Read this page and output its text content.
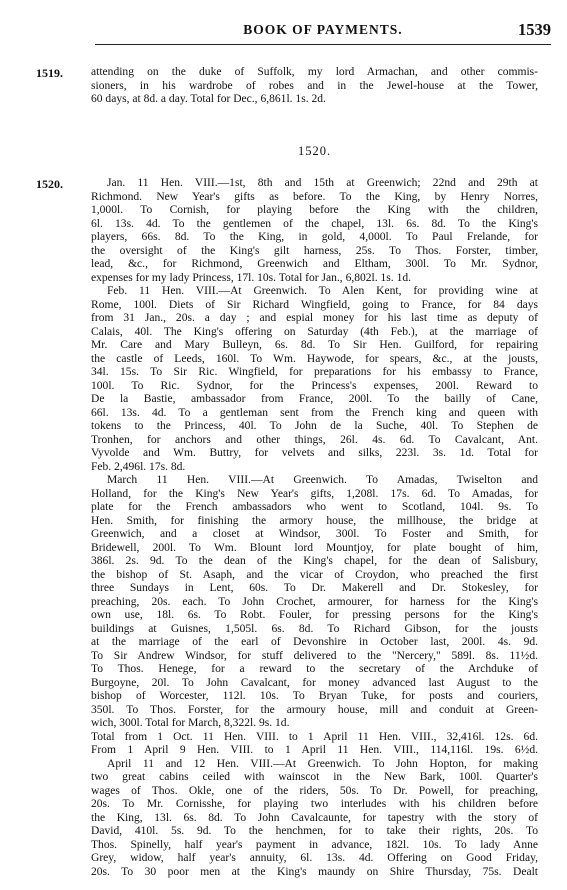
BOOK OF PAYMENTS.	1539
1519.
1520.
attending on the duke of Suffolk, my lord Armachan, and other commis-
sioners, in his wardrobe of robes and in the Jewel-house at the Tower,
60 days, at 8d. a day. Total for Dec., 6,861l. 1s. 2d.
1520.
Jan. 11 Hen. VIII.—1st, 8th and 15th at Greenwich; 22nd and 29th at
Richmond. New Year's gifts as before. To the King, by Henry Norres,
1,000l. To Cornish, for playing before the King with the children,
6l. 13s. 4d. To the gentlemen of the chapel, 13l. 6s. 8d. To the King's
players, 66s. 8d. To the King, in gold, 4,000l. To Paul Frelande, for
the oversight of the King's gilt harness, 25s. To Thos. Forster, timber,
lead, &c., for Richmond, Greenwich and Eltham, 300l. To Mr. Sydnor,
expenses for my lady Princess, 17l. 10s. Total for Jan., 6,802l. 1s. 1d.
Feb. 11 Hen. VIII.—At Greenwich. To Alen Kent, for providing wine at
Rome, 100l. Diets of Sir Richard Wingfield, going to France, for 84 days
from 31 Jan., 20s. a day ; and espial money for his last time as deputy of
Calais, 40l. The King's offering on Saturday (4th Feb.), at the marriage of
Mr. Care and Mary Bulleyn, 6s. 8d. To Sir Hen. Guilford, for repairing
the castle of Leeds, 160l. To Wm. Haywode, for spears, &c., at the jousts,
34l. 15s. To Sir Ric. Wingfield, for preparations for his embassy to France,
100l. To Ric. Sydnor, for the Princess's expenses, 200l. Reward to
De la Bastie, ambassador from France, 200l. To the bailly of Cane,
66l. 13s. 4d. To a gentleman sent from the French king and queen with
tokens to the Princess, 40l. To John de la Suche, 40l. To Stephen de
Tronhen, for anchors and other things, 26l. 4s. 6d. To Cavalcant, Ant.
Vyvolde and Wm. Buttry, for velvets and silks, 223l. 3s. 1d. Total for
Feb. 2,496l. 17s. 8d.
March 11 Hen. VIII.—At Greenwich. To Amadas, Twiselton and
Holland, for the King's New Year's gifts, 1,208l. 17s. 6d. To Amadas, for
plate for the French ambassadors who went to Scotland, 104l. 9s. To
Hen. Smith, for finishing the armory house, the millhouse, the bridge at
Greenwich, and a closet at Windsor, 300l. To Foster and Smith, for
Bridewell, 200l. To Wm. Blount lord Mountjoy, for plate bought of him,
386l. 2s. 9d. To the dean of the King's chapel, for the dean of Salisbury,
the bishop of St. Asaph, and the vicar of Croydon, who preached the first
three Sundays in Lent, 60s. To Dr. Makerell and Dr. Stokesley, for
preaching, 20s. each. To John Crochet, armourer, for harness for the King's
own use, 18l. 6s. To Robt. Fouler, for pressing persons for the King's
buildings at Guisnes, 1,505l. 6s. 8d. To Richard Gibson, for the jousts
at the marriage of the earl of Devonshire in October last, 200l. 4s. 9d.
To Sir Andrew Windsor, for stuff delivered to the "Nercery," 589l. 8s. 11½d.
To Thos. Henege, for a reward to the secretary of the Archduke of
Burgoyne, 20l. To John Cavalcant, for money advanced last August to the
bishop of Worcester, 112l. 10s. To Bryan Tuke, for posts and couriers,
350l. To Thos. Forster, for the armoury house, mill and conduit at Green-
wich, 300l. Total for March, 8,322l. 9s. 1d.
Total from 1 Oct. 11 Hen. VIII. to 1 April 11 Hen. VIII., 32,416l. 12s. 6d.
From 1 April 9 Hen. VIII. to 1 April 11 Hen. VIII., 114,116l. 19s. 6½d.
April 11 and 12 Hen. VIII.—At Greenwich. To John Hopton, for making
two great cabins ceiled with wainscot in the New Bark, 100l. Quarter's
wages of Thos. Okle, one of the riders, 50s. To Dr. Powell, for preaching,
20s. To Mr. Cornisshe, for playing two interludes with his children before
the King, 13l. 6s. 8d. To John Cavalcaunte, for tapestry with the story of
David, 410l. 5s. 9d. To the henchmen, for to take their rights, 20s. To
Thos. Spinelly, half year's payment in advance, 182l. 10s. To lady Anne
Grey, widow, half year's annuity, 6l. 13s. 4d. Offering on Good Friday,
20s. To 30 poor men at the King's maundy on Shire Thursday, 75s. Dealt
